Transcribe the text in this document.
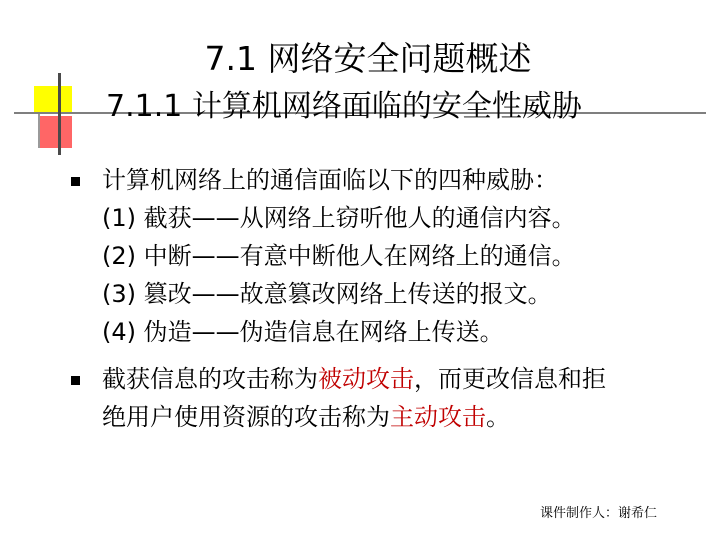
7.1 网络安全问题概述
7.1.1 计算机网络面临的安全性威胁
计算机网络上的通信面临以下的四种威胁：
(1) 截获——从网络上窃听他人的通信内容。
(2) 中断——有意中断他人在网络上的通信。
(3) 篡改——故意篡改网络上传送的报文。
(4) 伪造——伪造信息在网络上传送。
截获信息的攻击称为被动攻击，而更改信息和拒
绝用户使用资源的攻击称为主动攻击。
课件制作人：谢希仁
